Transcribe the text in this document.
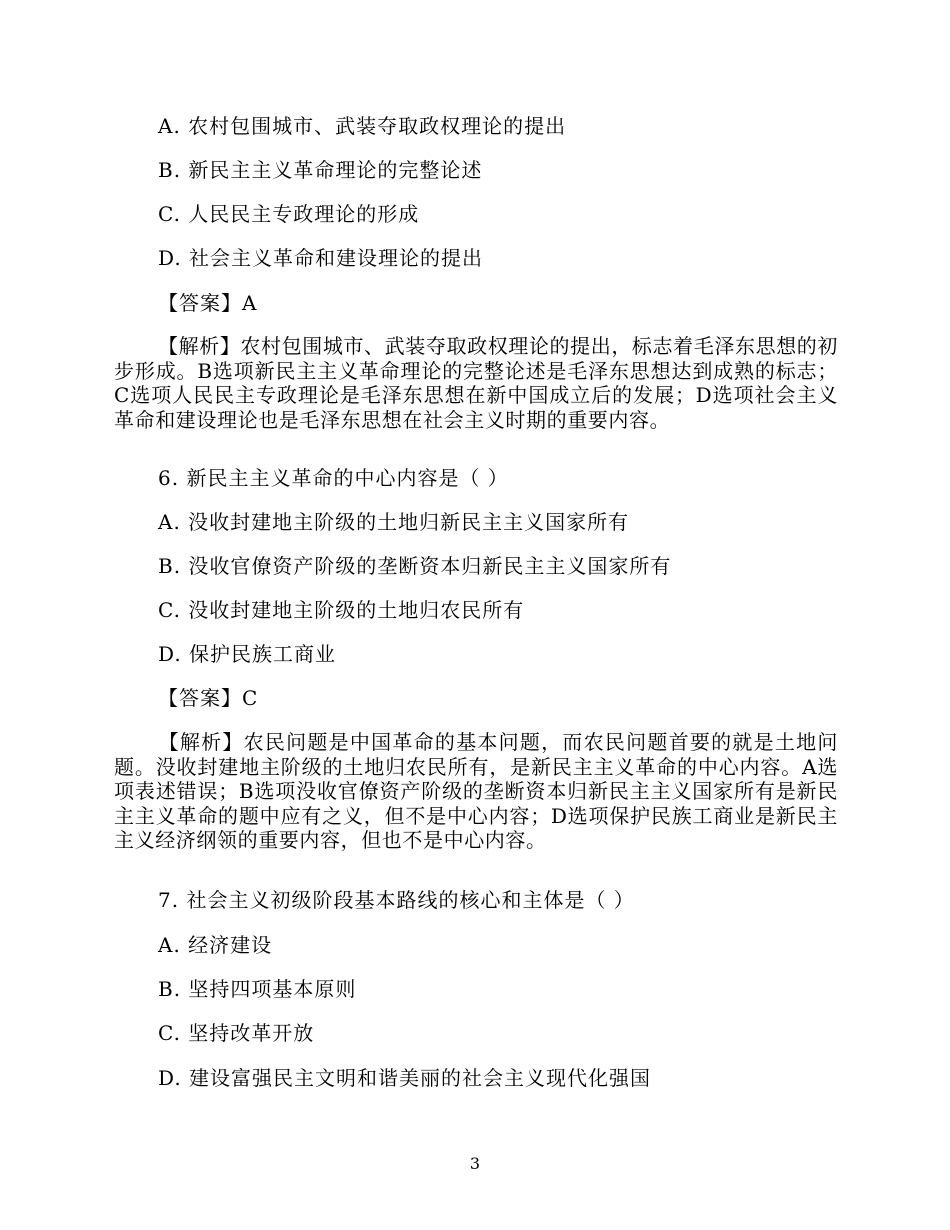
A. 农村包围城市、武装夺取政权理论的提出
B. 新民主主义革命理论的完整论述
C. 人民民主专政理论的形成
D. 社会主义革命和建设理论的提出
【答案】A
【解析】农村包围城市、武装夺取政权理论的提出，标志着毛泽东思想的初步形成。B选项新民主主义革命理论的完整论述是毛泽东思想达到成熟的标志；C选项人民民主专政理论是毛泽东思想在新中国成立后的发展；D选项社会主义革命和建设理论也是毛泽东思想在社会主义时期的重要内容。
6. 新民主主义革命的中心内容是（ ）
A. 没收封建地主阶级的土地归新民主主义国家所有
B. 没收官僚资产阶级的垄断资本归新民主主义国家所有
C. 没收封建地主阶级的土地归农民所有
D. 保护民族工商业
【答案】C
【解析】农民问题是中国革命的基本问题，而农民问题首要的就是土地问题。没收封建地主阶级的土地归农民所有，是新民主主义革命的中心内容。A选项表述错误；B选项没收官僚资产阶级的垄断资本归新民主主义国家所有是新民主主义革命的题中应有之义，但不是中心内容；D选项保护民族工商业是新民主主义经济纲领的重要内容，但也不是中心内容。
7. 社会主义初级阶段基本路线的核心和主体是（ ）
A. 经济建设
B. 坚持四项基本原则
C. 坚持改革开放
D. 建设富强民主文明和谐美丽的社会主义现代化强国
3
